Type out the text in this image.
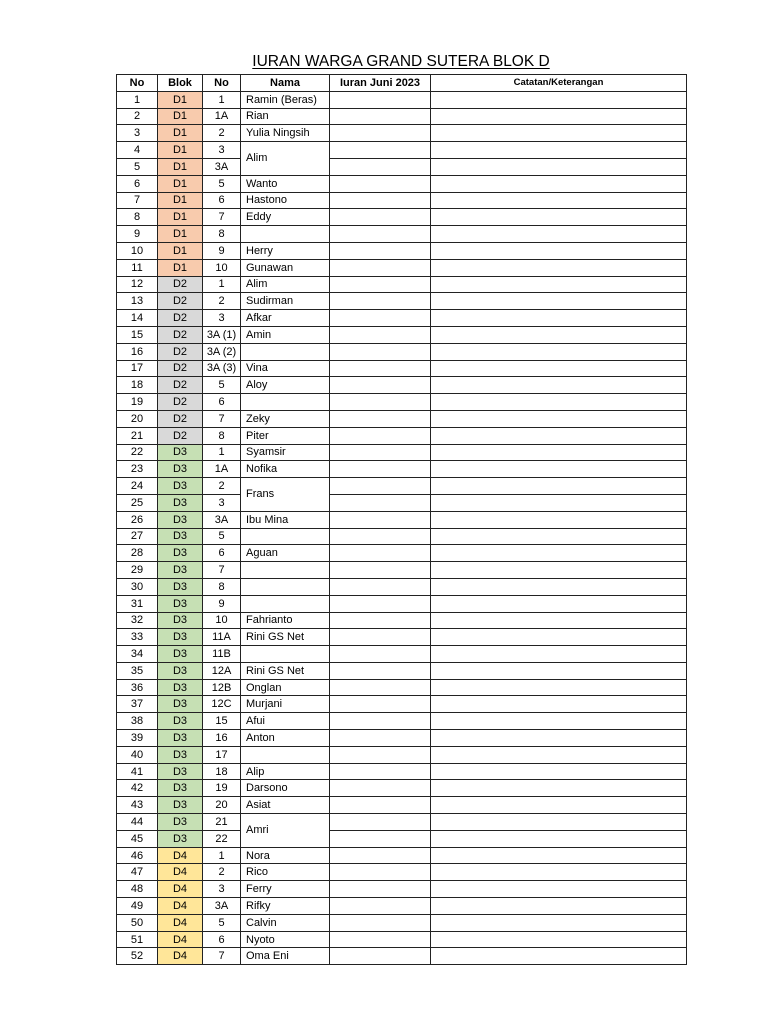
IURAN WARGA GRAND SUTERA BLOK D
No	Blok	No	Nama	Iuran Juni 2023	Catatan/Keterangan
1	D1	1	Ramin (Beras)		
2	D1	1A	Rian		
3	D1	2	Yulia Ningsih		
4	D1	3	Alim		
5	D1	3A			
6	D1	5	Wanto		
7	D1	6	Hastono		
8	D1	7	Eddy		
9	D1	8			
10	D1	9	Herry		
11	D1	10	Gunawan		
12	D2	1	Alim		
13	D2	2	Sudirman		
14	D2	3	Afkar		
15	D2	3A (1)	Amin		
16	D2	3A (2)			
17	D2	3A (3)	Vina		
18	D2	5	Aloy		
19	D2	6			
20	D2	7	Zeky		
21	D2	8	Piter		
22	D3	1	Syamsir		
23	D3	1A	Nofika		
24	D3	2	Frans		
25	D3	3			
26	D3	3A	Ibu Mina		
27	D3	5			
28	D3	6	Aguan		
29	D3	7			
30	D3	8			
31	D3	9			
32	D3	10	Fahrianto		
33	D3	11A	Rini GS Net		
34	D3	11B			
35	D3	12A	Rini GS Net		
36	D3	12B	Onglan		
37	D3	12C	Murjani		
38	D3	15	Afui		
39	D3	16	Anton		
40	D3	17			
41	D3	18	Alip		
42	D3	19	Darsono		
43	D3	20	Asiat		
44	D3	21	Amri		
45	D3	22			
46	D4	1	Nora		
47	D4	2	Rico		
48	D4	3	Ferry		
49	D4	3A	Rifky		
50	D4	5	Calvin		
51	D4	6	Nyoto		
52	D4	7	Oma Eni		
